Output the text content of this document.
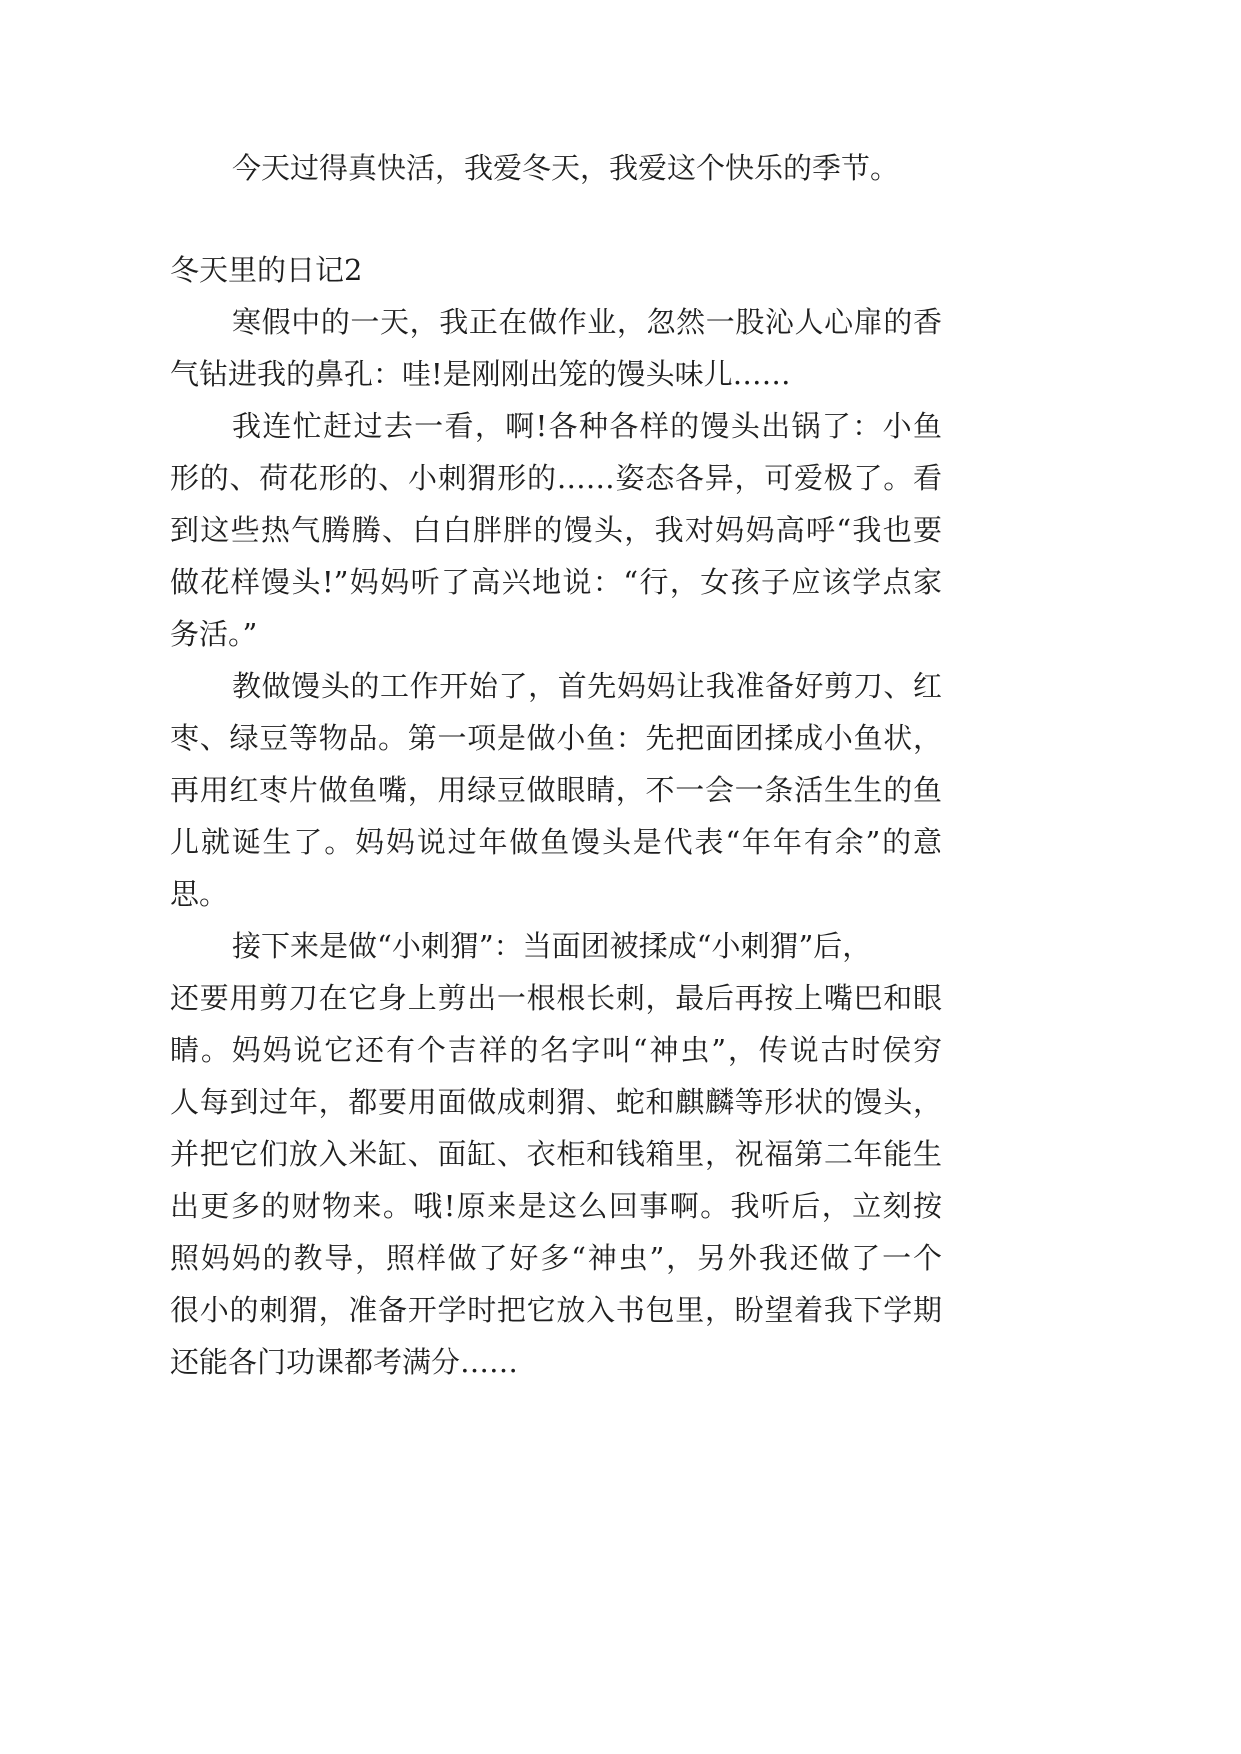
今天过得真快活，我爱冬天，我爱这个快乐的季节。
冬天里的日记2
寒假中的一天，我正在做作业，忽然一股沁人心扉的香
气钻进我的鼻孔：哇!是刚刚出笼的馒头味儿……
我连忙赶过去一看，啊!各种各样的馒头出锅了：小鱼
形的、荷花形的、小刺猬形的……姿态各异，可爱极了。看
到这些热气腾腾、白白胖胖的馒头，我对妈妈高呼“我也要
做花样馒头!”妈妈听了高兴地说：“行，女孩子应该学点家
务活。”
教做馒头的工作开始了，首先妈妈让我准备好剪刀、红
枣、绿豆等物品。第一项是做小鱼：先把面团揉成小鱼状，
再用红枣片做鱼嘴，用绿豆做眼睛，不一会一条活生生的鱼
儿就诞生了。妈妈说过年做鱼馒头是代表“年年有余”的意
思。
接下来是做“小刺猬”：当面团被揉成“小刺猬”后，
还要用剪刀在它身上剪出一根根长刺，最后再按上嘴巴和眼
睛。妈妈说它还有个吉祥的名字叫“神虫”，传说古时侯穷
人每到过年，都要用面做成刺猬、蛇和麒麟等形状的馒头，
并把它们放入米缸、面缸、衣柜和钱箱里，祝福第二年能生
出更多的财物来。哦!原来是这么回事啊。我听后，立刻按
照妈妈的教导，照样做了好多“神虫”，另外我还做了一个
很小的刺猬，准备开学时把它放入书包里，盼望着我下学期
还能各门功课都考满分……
